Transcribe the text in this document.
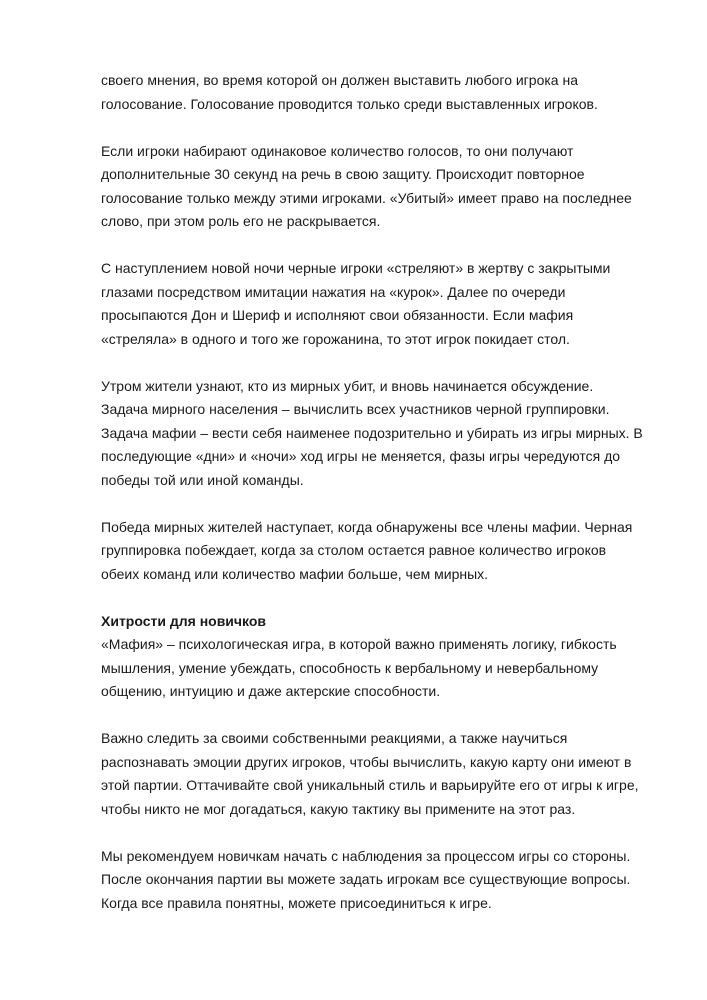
своего мнения, во время которой он должен выставить любого игрока на
голосование. Голосование проводится только среди выставленных игроков.
Если игроки набирают одинаковое количество голосов, то они получают
дополнительные 30 секунд на речь в свою защиту. Происходит повторное
голосование только между этими игроками. «Убитый» имеет право на последнее
слово, при этом роль его не раскрывается.
С наступлением новой ночи черные игроки «стреляют» в жертву с закрытыми
глазами посредством имитации нажатия на «курок». Далее по очереди
просыпаются Дон и Шериф и исполняют свои обязанности. Если мафия
«стреляла» в одного и того же горожанина, то этот игрок покидает стол.
Утром жители узнают, кто из мирных убит, и вновь начинается обсуждение.
Задача мирного населения – вычислить всех участников черной группировки.
Задача мафии – вести себя наименее подозрительно и убирать из игры мирных. В
последующие «дни» и «ночи» ход игры не меняется, фазы игры чередуются до
победы той или иной команды.
Победа мирных жителей наступает, когда обнаружены все члены мафии. Черная
группировка побеждает, когда за столом остается равное количество игроков
обеих команд или количество мафии больше, чем мирных.
Хитрости для новичков
«Мафия» – психологическая игра, в которой важно применять логику, гибкость
мышления, умение убеждать, способность к вербальному и невербальному
общению, интуицию и даже актерские способности.
Важно следить за своими собственными реакциями, а также научиться
распознавать эмоции других игроков, чтобы вычислить, какую карту они имеют в
этой партии. Оттачивайте свой уникальный стиль и варьируйте его от игры к игре,
чтобы никто не мог догадаться, какую тактику вы примените на этот раз.
Мы рекомендуем новичкам начать с наблюдения за процессом игры со стороны.
После окончания партии вы можете задать игрокам все существующие вопросы.
Когда все правила понятны, можете присоединиться к игре.
